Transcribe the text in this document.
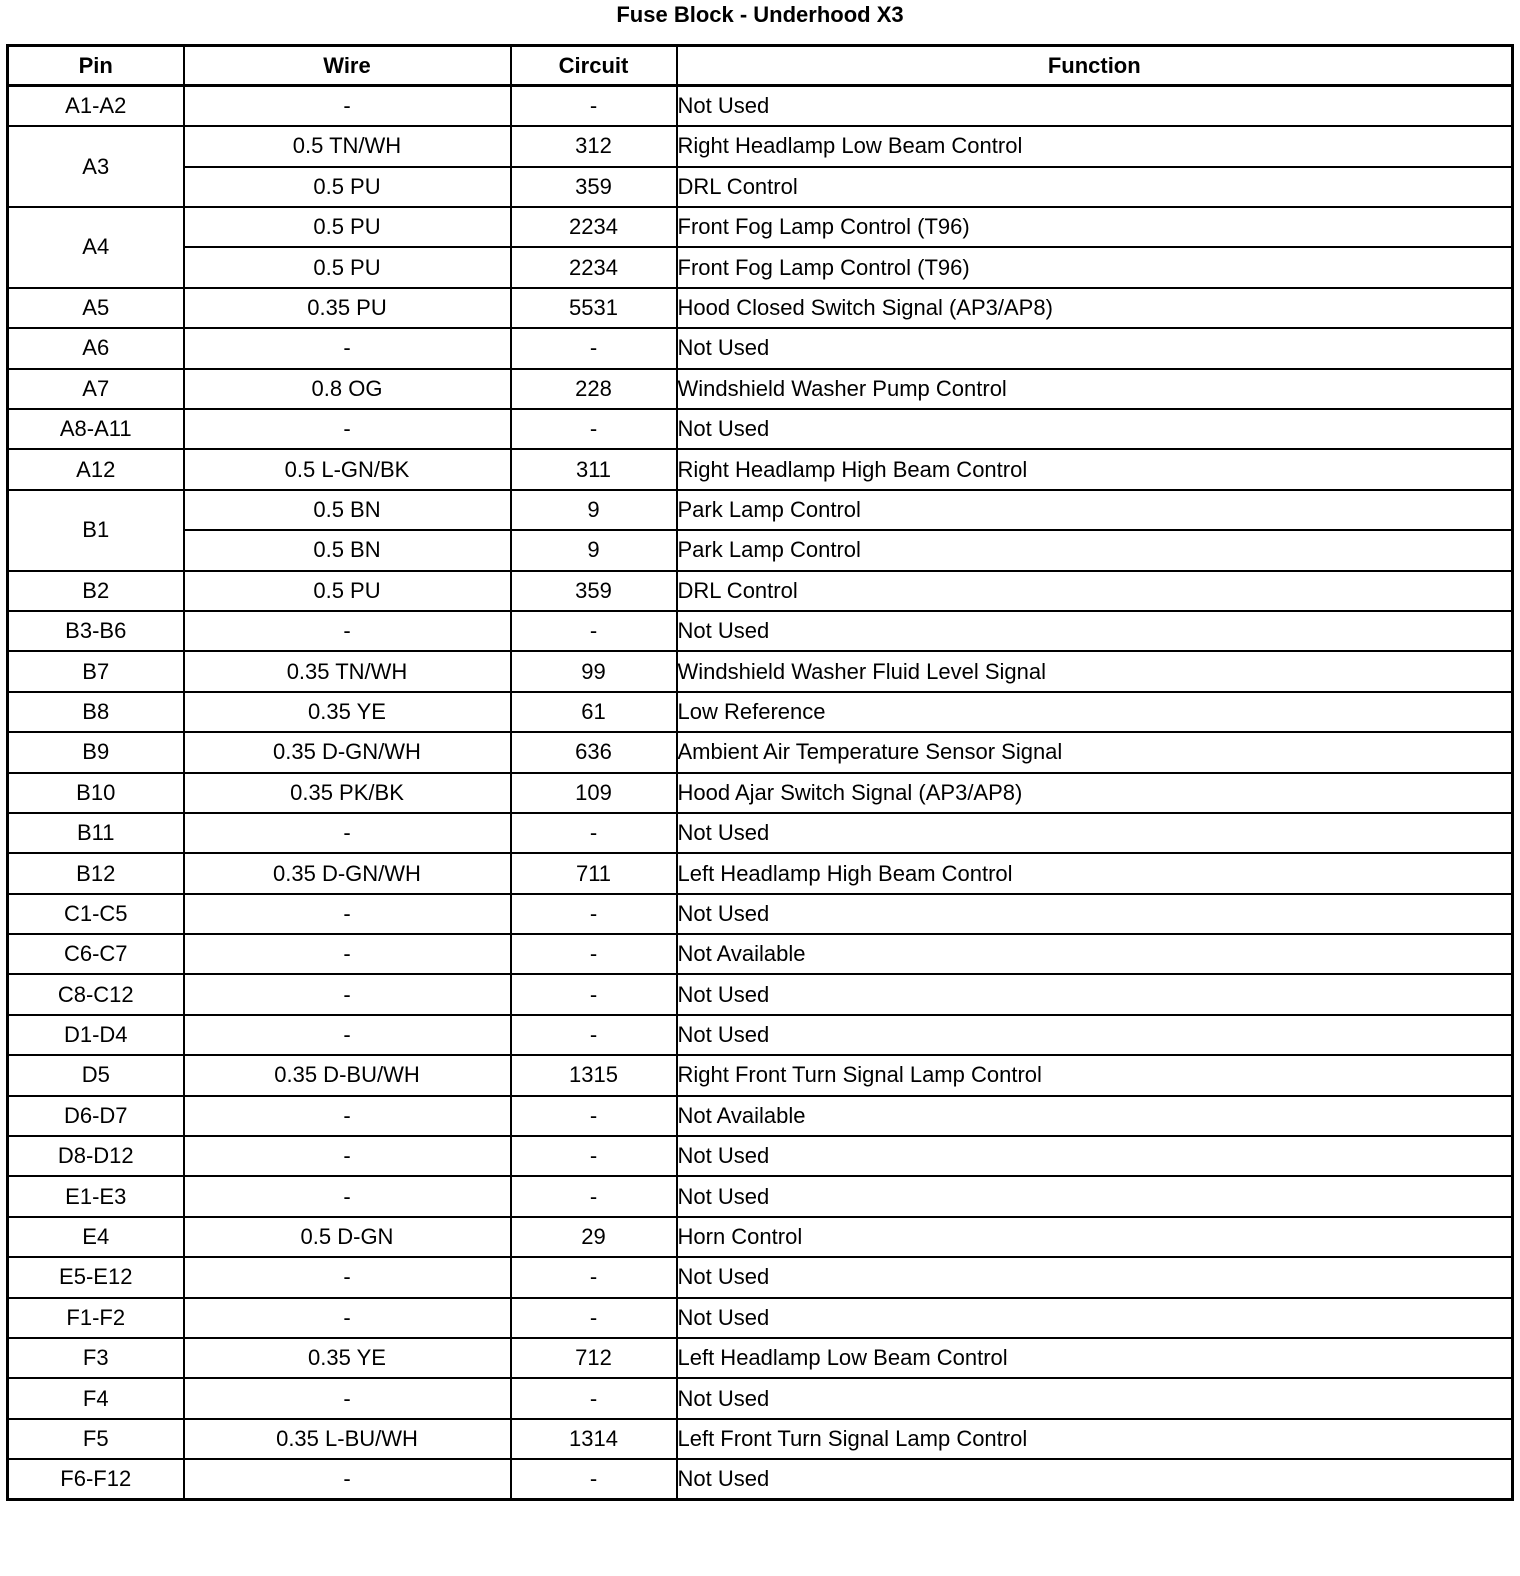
Fuse Block - Underhood X3
Pin	Wire	Circuit	Function
A1-A2	-	-	Not Used
A3	0.5 TN/WH	312	Right Headlamp Low Beam Control
	0.5 PU	359	DRL Control
A4	0.5 PU	2234	Front Fog Lamp Control (T96)
	0.5 PU	2234	Front Fog Lamp Control (T96)
A5	0.35 PU	5531	Hood Closed Switch Signal (AP3/AP8)
A6	-	-	Not Used
A7	0.8 OG	228	Windshield Washer Pump Control
A8-A11	-	-	Not Used
A12	0.5 L-GN/BK	311	Right Headlamp High Beam Control
B1	0.5 BN	9	Park Lamp Control
	0.5 BN	9	Park Lamp Control
B2	0.5 PU	359	DRL Control
B3-B6	-	-	Not Used
B7	0.35 TN/WH	99	Windshield Washer Fluid Level Signal
B8	0.35 YE	61	Low Reference
B9	0.35 D-GN/WH	636	Ambient Air Temperature Sensor Signal
B10	0.35 PK/BK	109	Hood Ajar Switch Signal (AP3/AP8)
B11	-	-	Not Used
B12	0.35 D-GN/WH	711	Left Headlamp High Beam Control
C1-C5	-	-	Not Used
C6-C7	-	-	Not Available
C8-C12	-	-	Not Used
D1-D4	-	-	Not Used
D5	0.35 D-BU/WH	1315	Right Front Turn Signal Lamp Control
D6-D7	-	-	Not Available
D8-D12	-	-	Not Used
E1-E3	-	-	Not Used
E4	0.5 D-GN	29	Horn Control
E5-E12	-	-	Not Used
F1-F2	-	-	Not Used
F3	0.35 YE	712	Left Headlamp Low Beam Control
F4	-	-	Not Used
F5	0.35 L-BU/WH	1314	Left Front Turn Signal Lamp Control
F6-F12	-	-	Not Used
